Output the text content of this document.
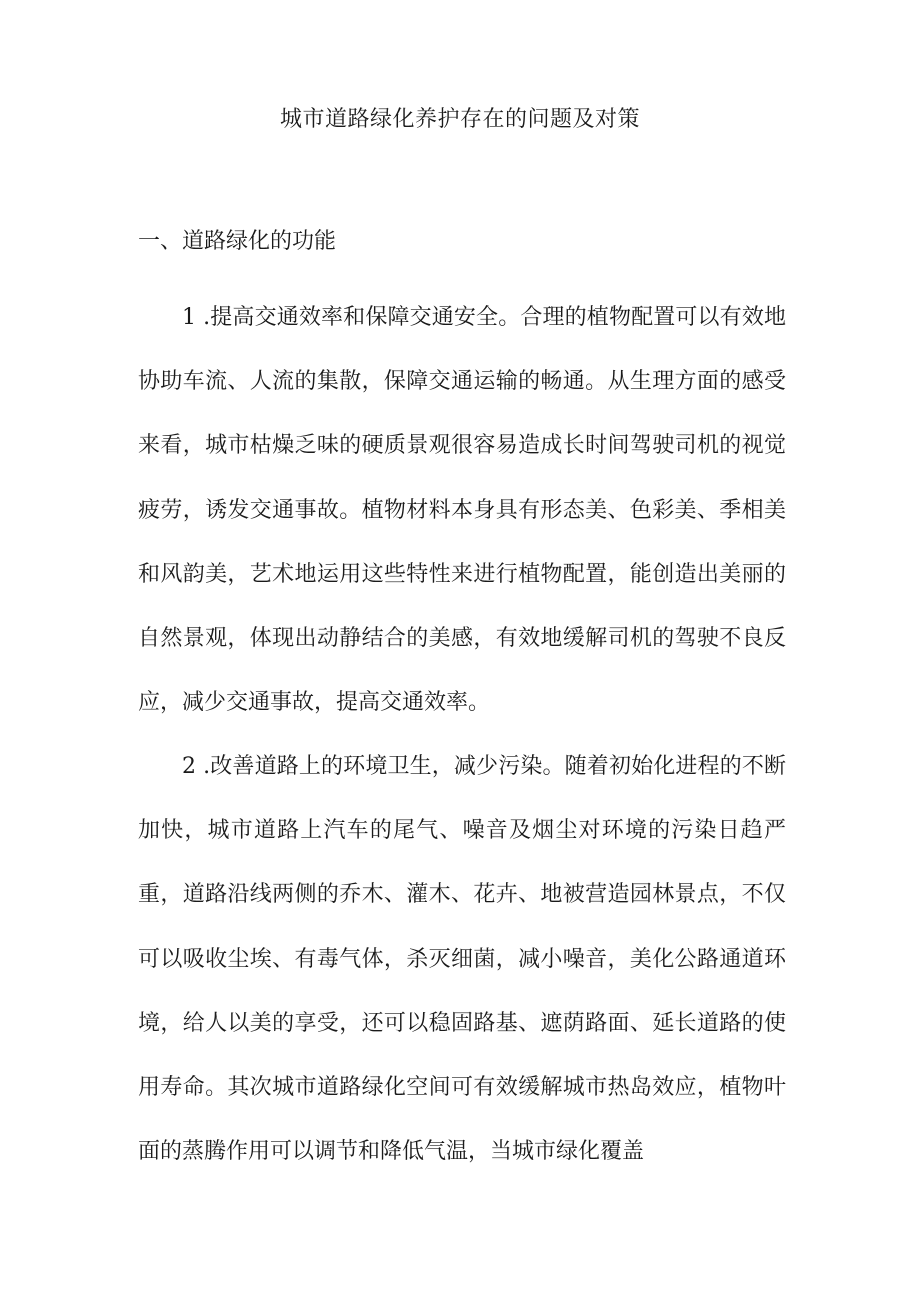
城市道路绿化养护存在的问题及对策
一、道路绿化的功能

1 .提高交通效率和保障交通安全。合理的植物配置可以有效地协助车流、人流的集散，保障交通运输的畅通。从生理方面的感受来看，城市枯燥乏味的硬质景观很容易造成长时间驾驶司机的视觉疲劳，诱发交通事故。植物材料本身具有形态美、色彩美、季相美和风韵美，艺术地运用这些特性来进行植物配置，能创造出美丽的自然景观，体现出动静结合的美感，有效地缓解司机的驾驶不良反应，减少交通事故，提高交通效率。

2 .改善道路上的环境卫生，减少污染。随着初始化进程的不断加快，城市道路上汽车的尾气、噪音及烟尘对环境的污染日趋严重，道路沿线两侧的乔木、灌木、花卉、地被营造园林景点，不仅可以吸收尘埃、有毒气体，杀灭细菌，减小噪音，美化公路通道环境，给人以美的享受，还可以稳固路基、遮荫路面、延长道路的使用寿命。其次城市道路绿化空间可有效缓解城市热岛效应，植物叶面的蒸腾作用可以调节和降低气温，当城市绿化覆盖
